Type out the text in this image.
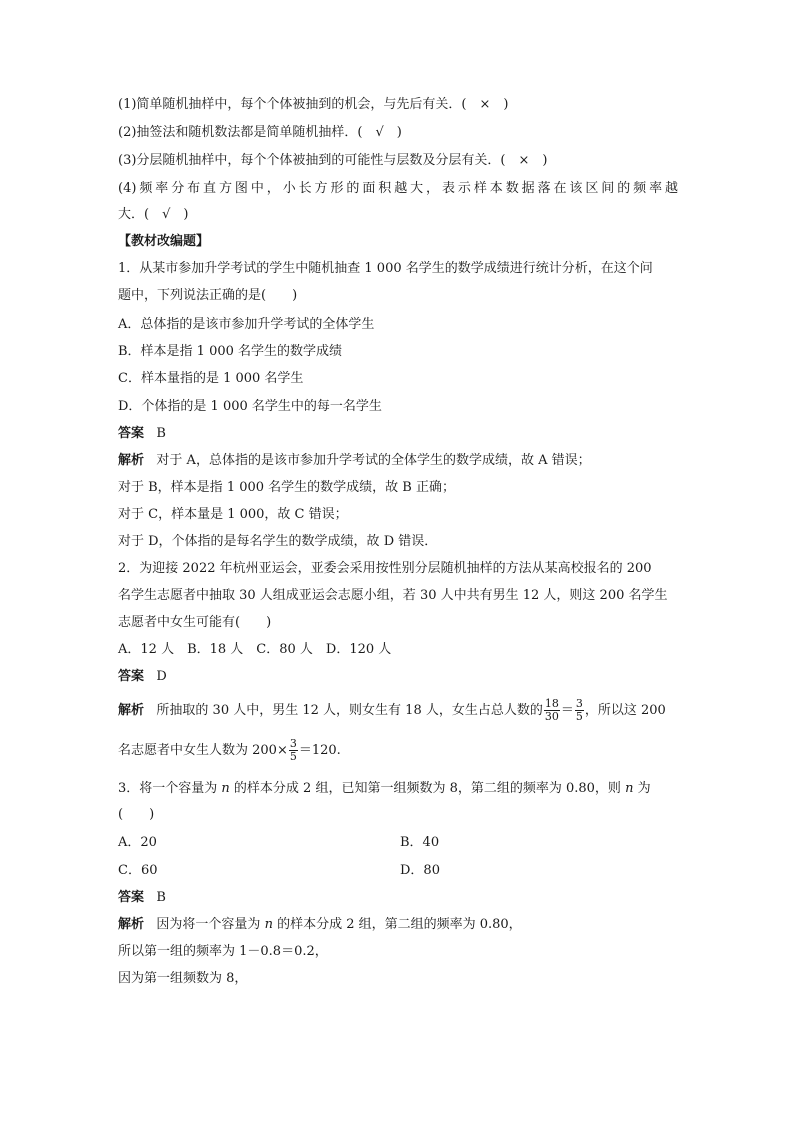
(1)简单随机抽样中，每个个体被抽到的机会，与先后有关．(　×　)
(2)抽签法和随机数法都是简单随机抽样．(　√　)
(3)分层随机抽样中，每个个体被抽到的可能性与层数及分层有关．(　×　)
(4)频率分布直方图中，小长方形的面积越大，表示样本数据落在该区间的频率越
大．(　√　)
【教材改编题】
1．从某市参加升学考试的学生中随机抽查 1 000 名学生的数学成绩进行统计分析，在这个问
题中，下列说法正确的是(　　)
A．总体指的是该市参加升学考试的全体学生
B．样本是指 1 000 名学生的数学成绩
C．样本量指的是 1 000 名学生
D．个体指的是 1 000 名学生中的每一名学生
答案 B
解析 对于 A，总体指的是该市参加升学考试的全体学生的数学成绩，故 A 错误；
对于 B，样本是指 1 000 名学生的数学成绩，故 B 正确；
对于 C，样本量是 1 000，故 C 错误；
对于 D，个体指的是每名学生的数学成绩，故 D 错误．
2．为迎接 2022 年杭州亚运会，亚委会采用按性别分层随机抽样的方法从某高校报名的 200
名学生志愿者中抽取 30 人组成亚运会志愿小组，若 30 人中共有男生 12 人，则这 200 名学生
志愿者中女生可能有(　　)
A．12 人　B．18 人　C．80 人　D．120 人
答案 D
解析 所抽取的 30 人中，男生 12 人，则女生有 18 人，女生占总人数的 $\frac{18}{30} = \frac{3}{5}$ ，所以这 200
名志愿者中女生人数为 $200\times \frac{3}{5} =120$.
3．将一个容量为 n 的样本分成 2 组，已知第一组频数为 8，第二组的频率为 0.80，则 n 为
(　　)
A．20	B．40
C．60	D．80
答案 B
解析 因为将一个容量为 n 的样本分成 2 组，第二组的频率为 0.80，
所以第一组的频率为 1－0.8＝0.2，
因为第一组频数为 8，
